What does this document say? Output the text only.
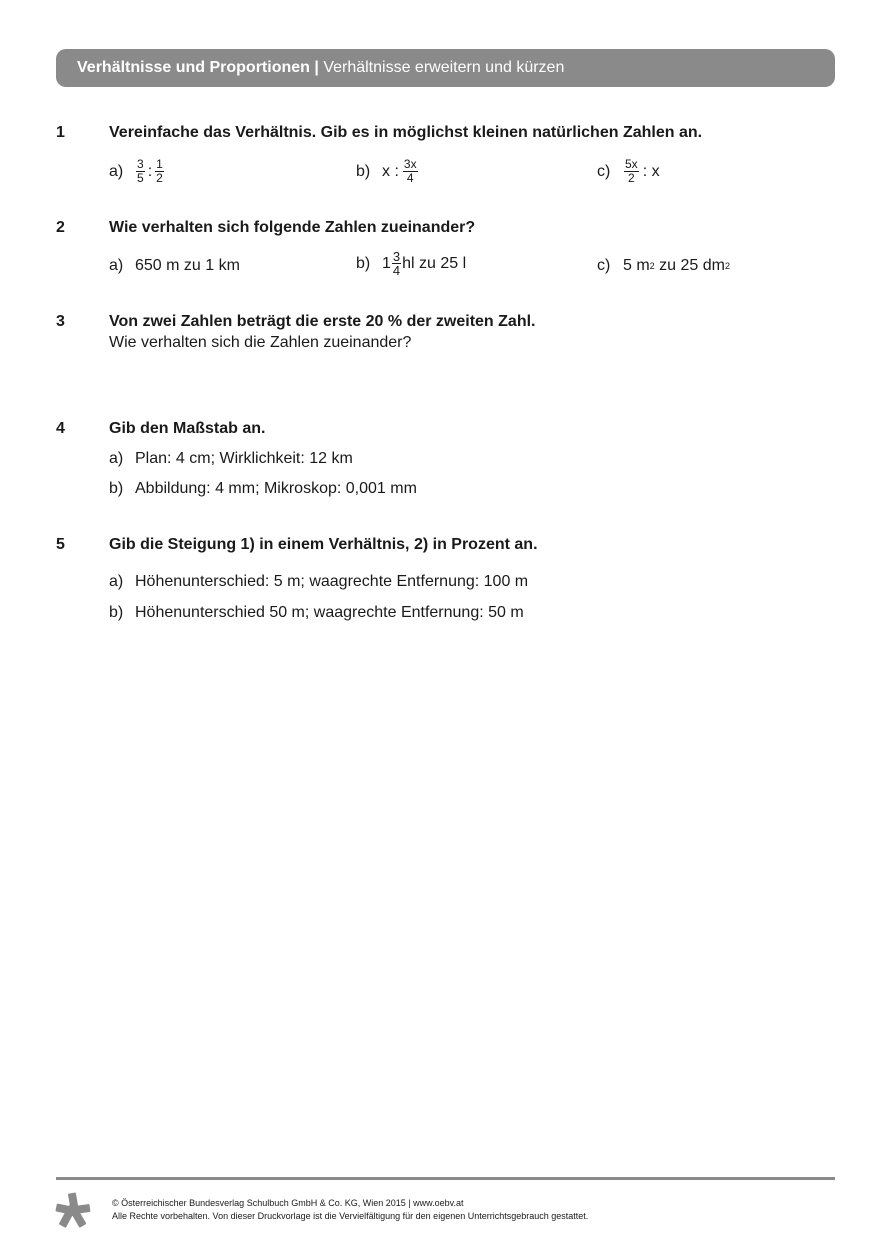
Verhältnisse und Proportionen | Verhältnisse erweitern und kürzen
1	Vereinfache das Verhältnis. Gib es in möglichst kleinen natürlichen Zahlen an.
a)	$\frac{3}{5}$ : $\frac{1}{2}$	b) x : $\frac{3x}{4}$	c)	$\frac{5x}{2}$ : x
2	Wie verhalten sich folgende Zahlen zueinander?
a) 650 m zu 1 km	b) $1 \frac{3}{4}$ hl zu 25 l	c) 5 m 2 zu 25 dm 2
3	Von zwei Zahlen beträgt die erste 20 % der zweiten Zahl.
Wie verhalten sich die Zahlen zueinander?
4	Gib den Maßstab an.
a) Plan: 4 cm; Wirklichkeit: 12 km
b) Abbildung: 4 mm; Mikroskop: 0,001 mm
5	Gib die Steigung 1) in einem Verhältnis, 2) in Prozent an.
a) Höhenunterschied: 5 m; waagrechte Entfernung: 100 m
b) Höhenunterschied 50 m; waagrechte Entfernung: 50 m
© Österreichischer Bundesverlag Schulbuch GmbH & Co. KG, Wien 2015 | www.oebv.at
Alle Rechte vorbehalten. Von dieser Druckvorlage ist die Vervielfältigung für den eigenen Unterrichtsgebrauch gestattet.
